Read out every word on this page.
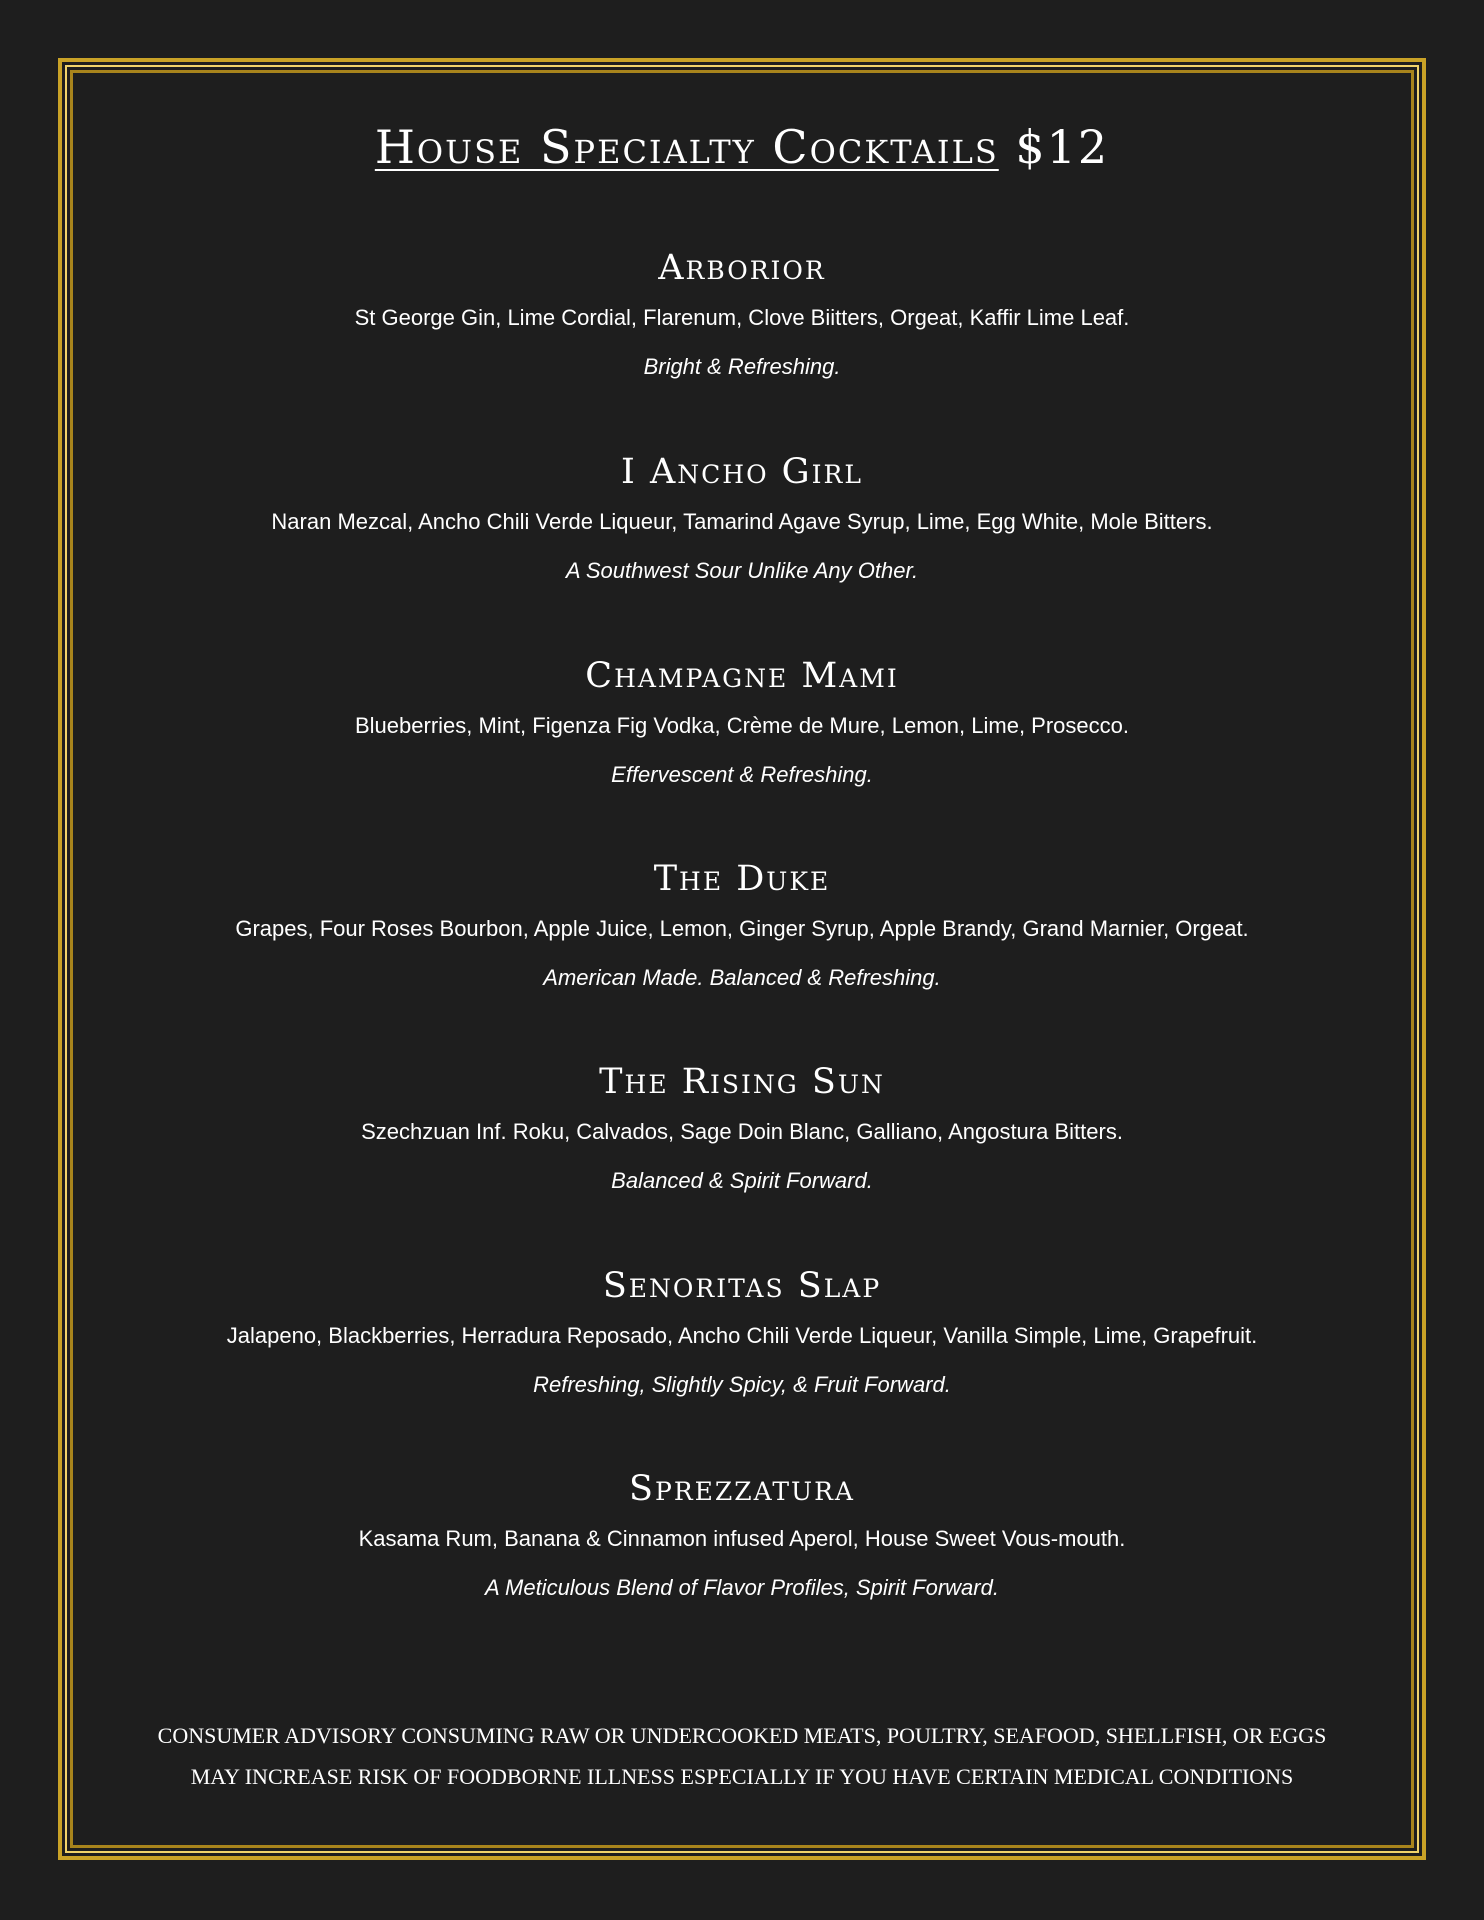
House Specialty Cocktails $12
Arborior
St George Gin, Lime Cordial, Flarenum, Clove Biitters, Orgeat, Kaffir Lime Leaf.
Bright & Refreshing.
I Ancho Girl
Naran Mezcal, Ancho Chili Verde Liqueur, Tamarind Agave Syrup, Lime, Egg White, Mole Bitters.
A Southwest Sour Unlike Any Other.
Champagne Mami
Blueberries, Mint, Figenza Fig Vodka, Crème de Mure, Lemon, Lime, Prosecco.
Effervescent & Refreshing.
The Duke
Grapes, Four Roses Bourbon, Apple Juice, Lemon, Ginger Syrup, Apple Brandy, Grand Marnier, Orgeat.
American Made. Balanced & Refreshing.
The Rising Sun
Szechzuan Inf. Roku, Calvados, Sage Doin Blanc, Galliano, Angostura Bitters.
Balanced & Spirit Forward.
Senoritas Slap
Jalapeno, Blackberries, Herradura Reposado, Ancho Chili Verde Liqueur, Vanilla Simple, Lime, Grapefruit.
Refreshing, Slightly Spicy, & Fruit Forward.
Sprezzatura
Kasama Rum, Banana & Cinnamon infused Aperol, House Sweet Vous-mouth.
A Meticulous Blend of Flavor Profiles, Spirit Forward.
CONSUMER ADVISORY CONSUMING RAW OR UNDERCOOKED MEATS, POULTRY, SEAFOOD, SHELLFISH, OR EGGS
MAY INCREASE RISK OF FOODBORNE ILLNESS ESPECIALLY IF YOU HAVE CERTAIN MEDICAL CONDITIONS
